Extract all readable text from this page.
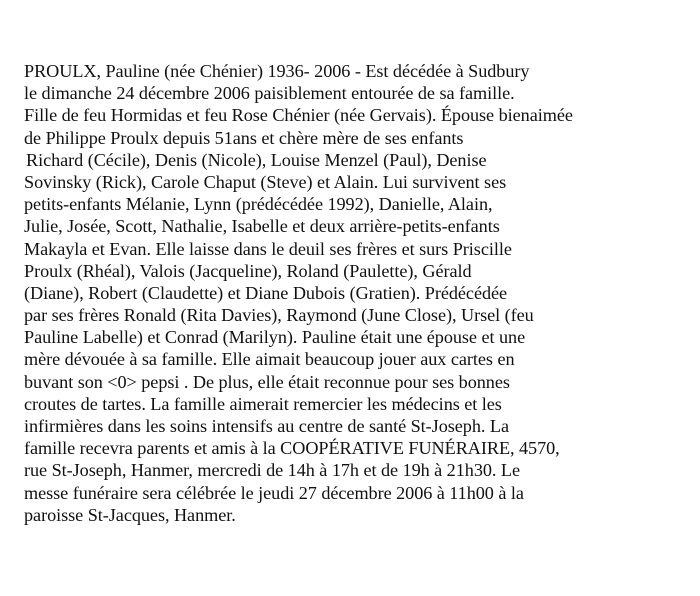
PROULX, Pauline (née Chénier) 1936- 2006 - Est décédée à Sudbury
le dimanche 24 décembre 2006 paisiblement entourée de sa famille.
Fille de feu Hormidas et feu Rose Chénier (née Gervais). Épouse bienaimée
de Philippe Proulx depuis 51ans et chère mère de ses enfants
Richard (Cécile), Denis (Nicole), Louise Menzel (Paul), Denise
Sovinsky (Rick), Carole Chaput (Steve) et Alain. Lui survivent ses
petits-enfants Mélanie, Lynn (prédécédée 1992), Danielle, Alain,
Julie, Josée, Scott, Nathalie, Isabelle et deux arrière-petits-enfants
Makayla et Evan. Elle laisse dans le deuil ses frères et surs Priscille
Proulx (Rhéal), Valois (Jacqueline), Roland (Paulette), Gérald
(Diane), Robert (Claudette) et Diane Dubois (Gratien). Prédécédée
par ses frères Ronald (Rita Davies), Raymond (June Close), Ursel (feu
Pauline Labelle) et Conrad (Marilyn). Pauline était une épouse et une
mère dévouée à sa famille. Elle aimait beaucoup jouer aux cartes en
buvant son <0> pepsi . De plus, elle était reconnue pour ses bonnes
croutes de tartes. La famille aimerait remercier les médecins et les
infirmières dans les soins intensifs au centre de santé St-Joseph. La
famille recevra parents et amis à la COOPÉRATIVE FUNÉRAIRE, 4570,
rue St-Joseph, Hanmer, mercredi de 14h à 17h et de 19h à 21h30. Le
messe funéraire sera célébrée le jeudi 27 décembre 2006 à 11h00 à la
paroisse St-Jacques, Hanmer.
